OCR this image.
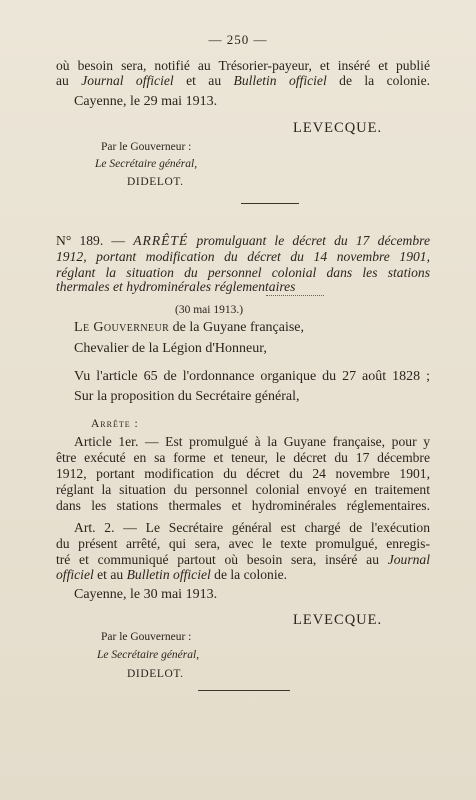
— 250 —
où besoin sera, notifié au Trésorier-payeur, et inséré et publié
au Journal officiel et au Bulletin officiel de la colonie.
Cayenne, le 29 mai 1913.
LEVECQUE.
Par le Gouverneur :
Le Secrétaire général,
DIDELOT.
N° 189. — ARRÊTÉ promulguant le décret du 17 décembre
1912, portant modification du décret du 14 novembre 1901,
réglant la situation du personnel colonial dans les stations
thermales et hydrominérales réglementaires
(30 mai 1913.)
Le Gouverneur de la Guyane française,
Chevalier de la Légion d'Honneur,
Vu l'article 65 de l'ordonnance organique du 27 août 1828 ;
Sur la proposition du Secrétaire général,
Arrête :
Article 1er. — Est promulgué à la Guyane française, pour y
être exécuté en sa forme et teneur, le décret du 17 décembre
1912, portant modification du décret du 24 novembre 1901,
réglant la situation du personnel colonial envoyé en traitement
dans les stations thermales et hydrominérales réglementaires.
Art. 2. — Le Secrétaire général est chargé de l'exécution
du présent arrêté, qui sera, avec le texte promulgué, enregis-
tré et communiqué partout où besoin sera, inséré au Journal
officiel et au Bulletin officiel de la colonie.
Cayenne, le 30 mai 1913.
LEVECQUE.
Par le Gouverneur :
Le Secrétaire général,
DIDELOT.
